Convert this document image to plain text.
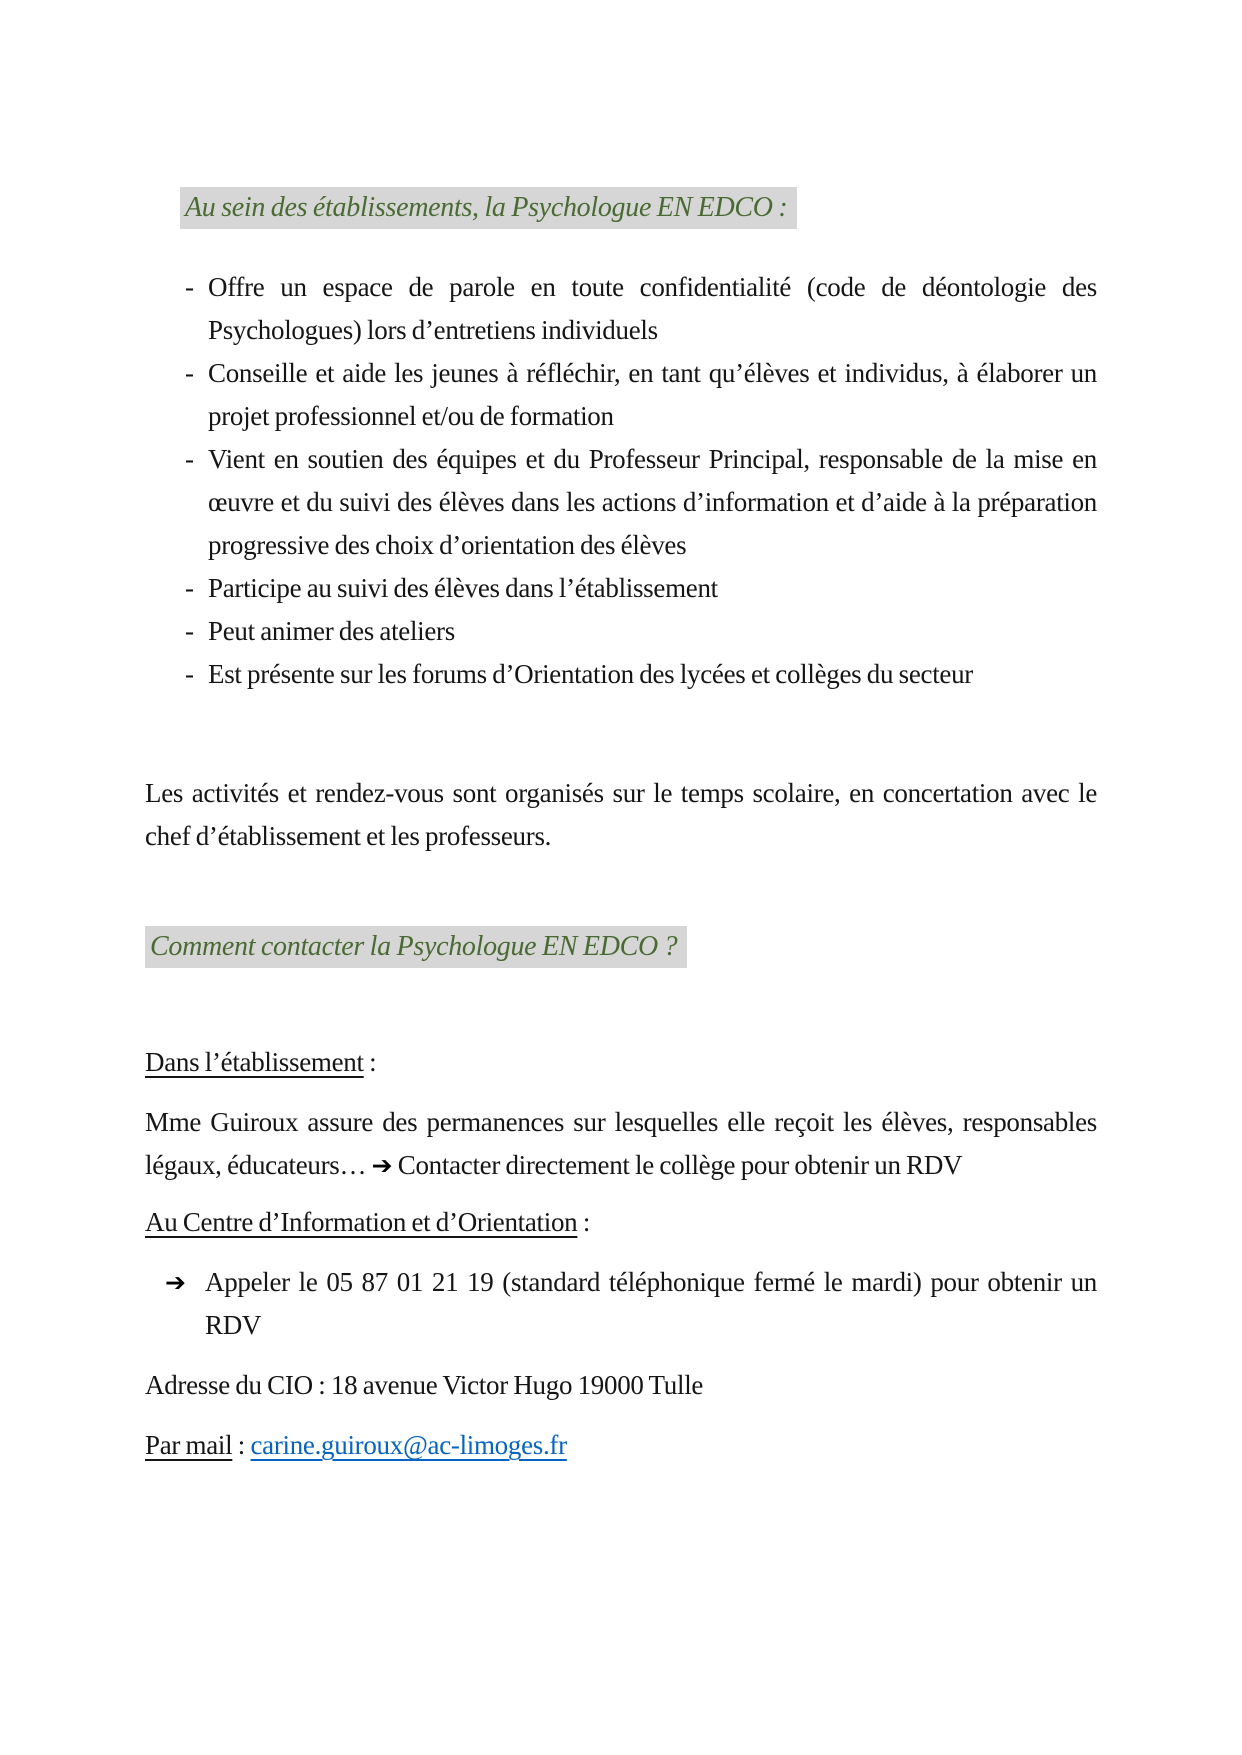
Au sein des établissements, la Psychologue EN EDCO :
- Offre un espace de parole en toute confidentialité (code de déontologie des Psychologues) lors d’entretiens individuels
- Conseille et aide les jeunes à réfléchir, en tant qu’élèves et individus, à élaborer un projet professionnel et/ou de formation
- Vient en soutien des équipes et du Professeur Principal, responsable de la mise en œuvre et du suivi des élèves dans les actions d’information et d’aide à la préparation progressive des choix d’orientation des élèves
- Participe au suivi des élèves dans l’établissement
- Peut animer des ateliers
- Est présente sur les forums d’Orientation des lycées et collèges du secteur
Les activités et rendez-vous sont organisés sur le temps scolaire, en concertation avec le chef d’établissement et les professeurs.
Comment contacter la Psychologue EN EDCO ?
Dans l’établissement :
Mme Guiroux assure des permanences sur lesquelles elle reçoit les élèves, responsables légaux, éducateurs… ➔ Contacter directement le collège pour obtenir un RDV
Au Centre d’Information et d’Orientation :
➔ Appeler le 05 87 01 21 19 (standard téléphonique fermé le mardi) pour obtenir un RDV
Adresse du CIO : 18 avenue Victor Hugo 19000 Tulle
Par mail : carine.guiroux@ac-limoges.fr
